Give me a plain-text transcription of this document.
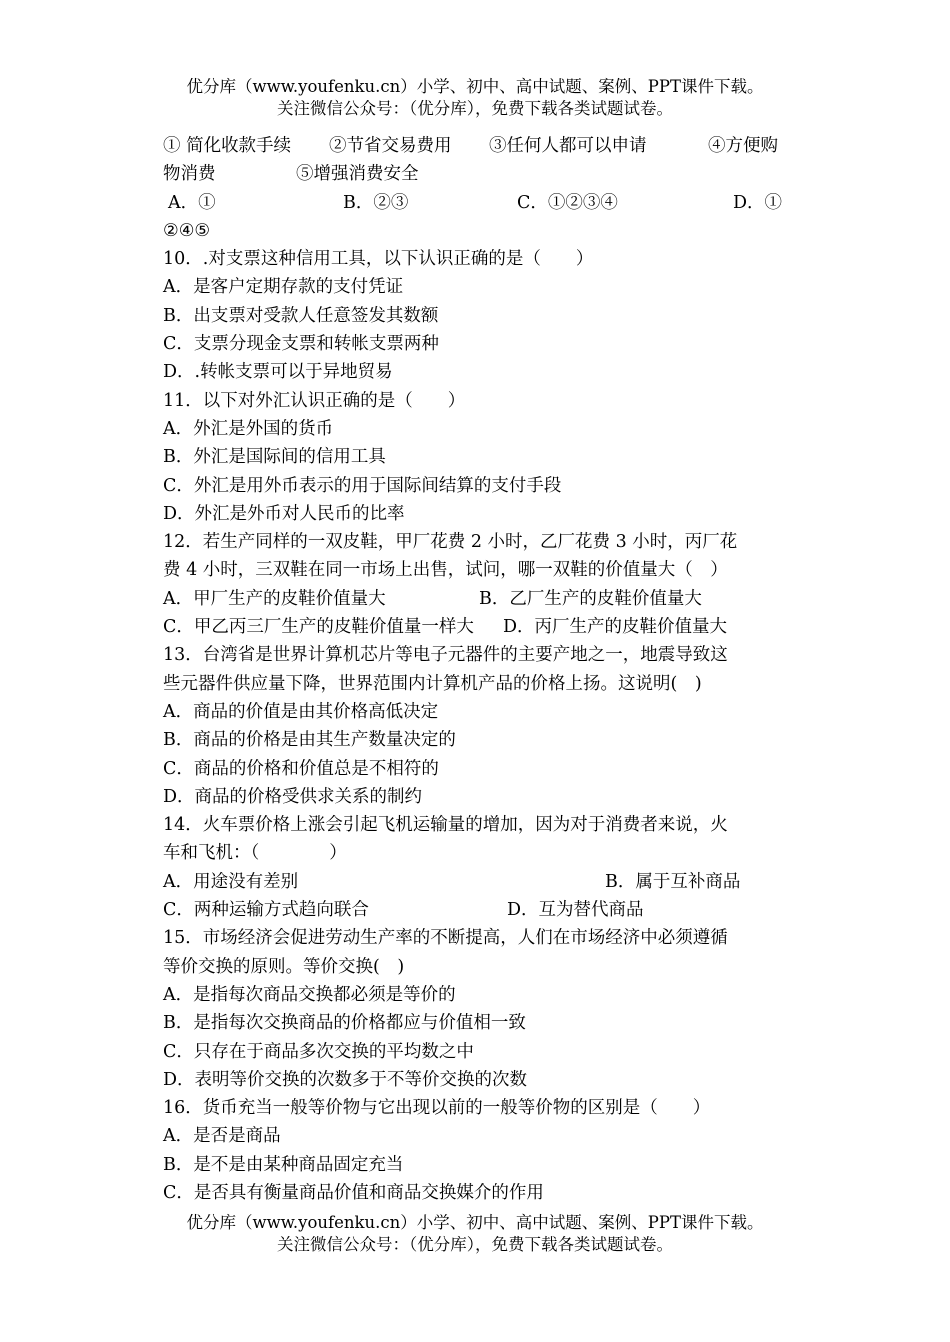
优分库（www.youfenku.cn）小学、初中、高中试题、案例、PPT课件下载。
关注微信公众号：（优分库），免费下载各类试题试卷。
① 简化收款手续 ②节省交易费用 ③任何人都可以申请	④方便购
物消费	⑤增强消费安全
A．①	B．②③	C．①②③④	D．①
②④⑤
10．.对支票这种信用工具，以下认识正确的是（　　）
A．是客户定期存款的支付凭证
B．出支票对受款人任意签发其数额
C．支票分现金支票和转帐支票两种
D．.转帐支票可以于异地贸易
11．以下对外汇认识正确的是（　　）
A．外汇是外国的货币
B．外汇是国际间的信用工具
C．外汇是用外币表示的用于国际间结算的支付手段
D．外汇是外币对人民币的比率
12．若生产同样的一双皮鞋，甲厂花费 2 小时，乙厂花费 3 小时，丙厂花
费 4 小时，三双鞋在同一市场上出售，试问，哪一双鞋的价值量大（　）
A．甲厂生产的皮鞋价值量大	B．乙厂生产的皮鞋价值量大
C．甲乙丙三厂生产的皮鞋价值量一样大 D．丙厂生产的皮鞋价值量大
13．台湾省是世界计算机芯片等电子元器件的主要产地之一，地震导致这
些元器件供应量下降，世界范围内计算机产品的价格上扬。这说明(　)
A．商品的价值是由其价格高低决定
B．商品的价格是由其生产数量决定的
C．商品的价格和价值总是不相符的
D．商品的价格受供求关系的制约
14．火车票价格上涨会引起飞机运输量的增加，因为对于消费者来说，火
车和飞机：（　　　　）
A．用途没有差别	B．属于互补商品
C．两种运输方式趋向联合	D．互为替代商品
15．市场经济会促进劳动生产率的不断提高，人们在市场经济中必须遵循
等价交换的原则。等价交换(　)
A．是指每次商品交换都必须是等价的
B．是指每次交换商品的价格都应与价值相一致
C．只存在于商品多次交换的平均数之中
D．表明等价交换的次数多于不等价交换的次数
16．货币充当一般等价物与它出现以前的一般等价物的区别是（　　）
A．是否是商品
B．是不是由某种商品固定充当
C．是否具有衡量商品价值和商品交换媒介的作用
优分库（www.youfenku.cn）小学、初中、高中试题、案例、PPT课件下载。
关注微信公众号：（优分库），免费下载各类试题试卷。
